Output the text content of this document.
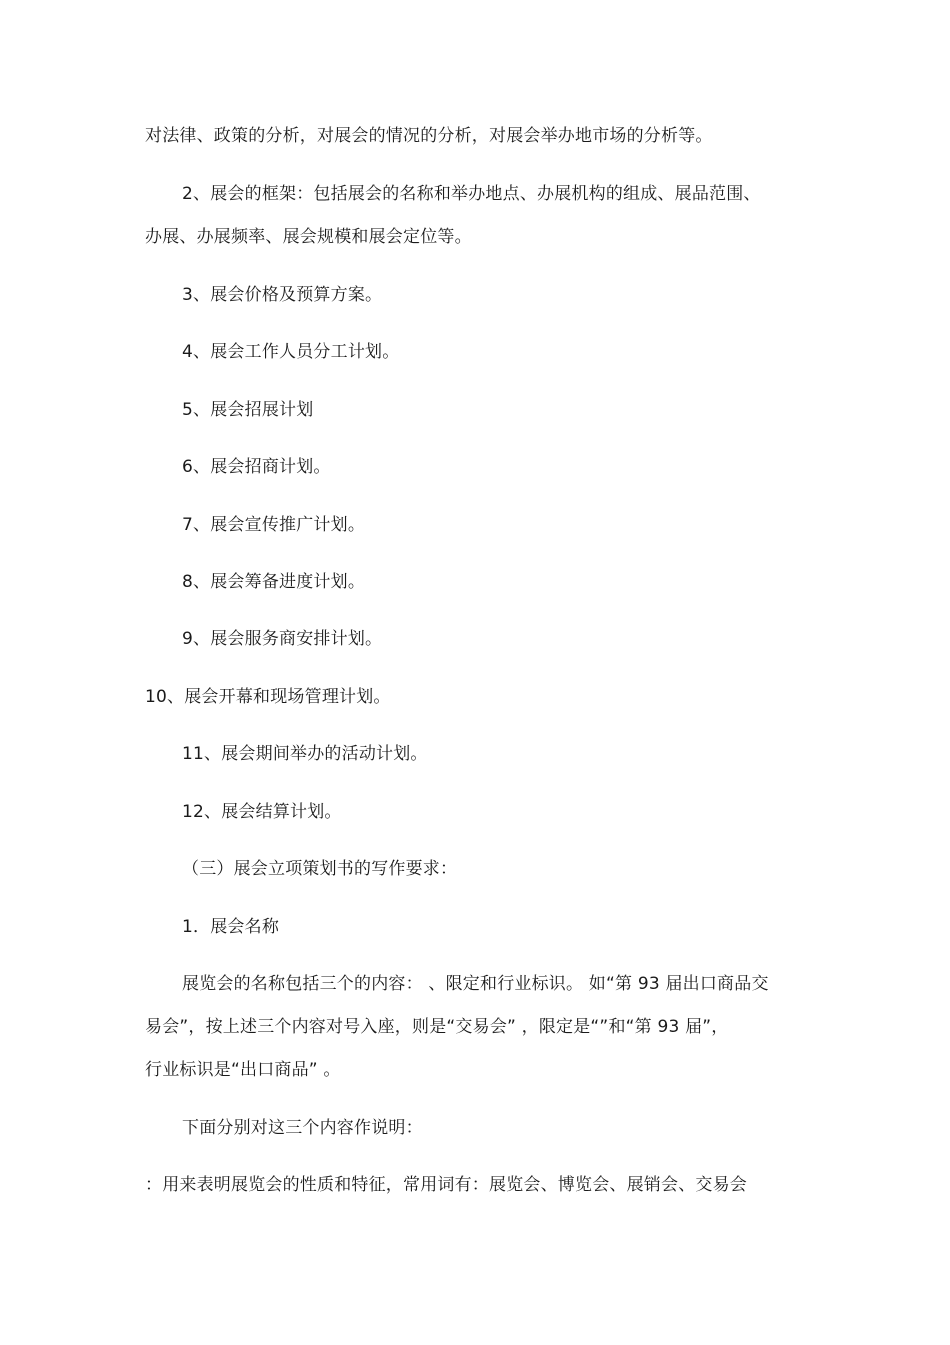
对法律、政策的分析，对展会的情况的分析，对展会举办地市场的分析等。
2、展会的框架：包括展会的名称和举办地点、办展机构的组成、展品范围、
办展、办展频率、展会规模和展会定位等。
3、展会价格及预算方案。
4、展会工作人员分工计划。
5、展会招展计划
6、展会招商计划。
7、展会宣传推广计划。
8、展会筹备进度计划。
9、展会服务商安排计划。
10、展会开幕和现场管理计划。
11、展会期间举办的活动计划。
12、展会结算计划。
（三）展会立项策划书的写作要求：
1．展会名称
展览会的名称包括三个的内容： 、限定和行业标识。 如“第 93 届出口商品交
易会”，按上述三个内容对号入座，则是“交易会” ，限定是“”和“第 93 届”，
行业标识是“出口商品” 。
下面分别对这三个内容作说明：
：用来表明展览会的性质和特征，常用词有：展览会、博览会、展销会、交易会
